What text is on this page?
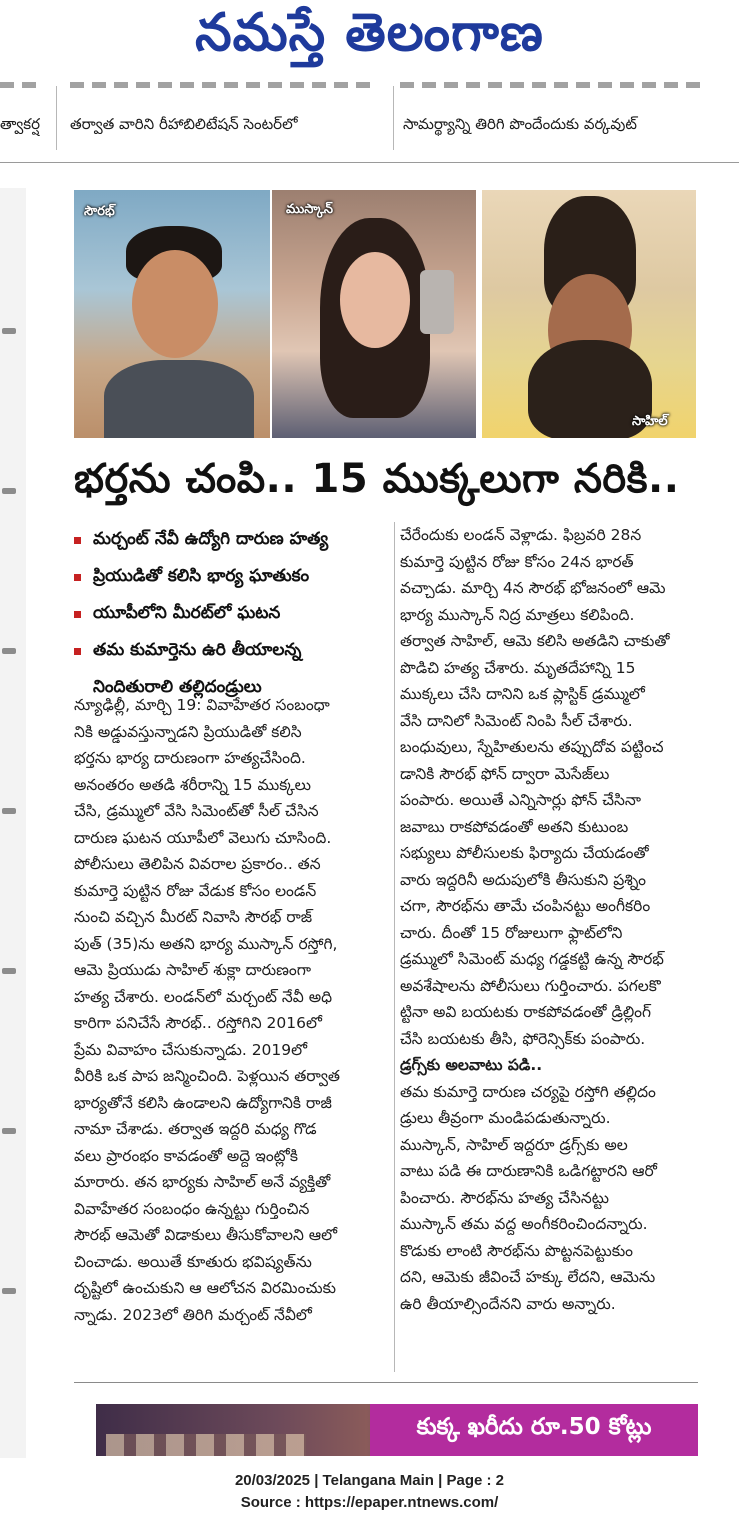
నమస్తే తెలంగాణ
త్వాకర్ష	తర్వాత వారిని రీహాబిలిటేషన్ సెంటర్‌లో	సామర్థ్యాన్ని తిరిగి పొందేందుకు వర్కవుట్
సౌరభ్	ముస్కాన్
సాహిల్
భర్తను చంపి.. 15 ముక్కలుగా నరికి..
మర్చంట్ నేవీ ఉద్యోగి దారుణ హత్య
ప్రియుడితో కలిసి భార్య ఘాతుకం
యూపీలోని మీరట్‌లో ఘటన
తమ కుమార్తెను ఉరి తీయాలన్న
నిందితురాలి తల్లిదండ్రులు

న్యూఢిల్లీ, మార్చి 19: వివాహేతర సంబంధా

నికి అడ్డువస్తున్నాడని ప్రియుడితో కలిసి

భర్తను భార్య దారుణంగా హత్యచేసింది.

అనంతరం అతడి శరీరాన్ని 15 ముక్కలు

చేసి, డ్రమ్ములో వేసి సిమెంట్‌తో సీల్ చేసిన

దారుణ ఘటన యూపీలో వెలుగు చూసింది.

పోలీసులు తెలిపిన వివరాల ప్రకారం.. తన

కుమార్తె పుట్టిన రోజు వేడుక కోసం లండన్

నుంచి వచ్చిన మీరట్ నివాసి సౌరభ్ రాజ్

పుత్ (35)ను అతని భార్య ముస్కాన్ రస్తోగి,

ఆమె ప్రియుడు సాహిల్ శుక్లా దారుణంగా

హత్య చేశారు. లండన్‌లో మర్చంట్ నేవీ అధి

కారిగా పనిచేసే సౌరభ్.. రస్తోగిని 2016లో

ప్రేమ వివాహం చేసుకున్నాడు. 2019లో

వీరికి ఒక పాప జన్మించింది. పెళ్లయిన తర్వాత

భార్యతోనే కలిసి ఉండాలని ఉద్యోగానికి రాజీ

నామా చేశాడు. తర్వాత ఇద్దరి మధ్య గొడ

వలు ప్రారంభం కావడంతో అద్దె ఇంట్లోకి

మారారు. తన భార్యకు సాహిల్ అనే వ్యక్తితో

వివాహేతర సంబంధం ఉన్నట్టు గుర్తించిన

సౌరభ్ ఆమెతో విడాకులు తీసుకోవాలని ఆలో

చించాడు. అయితే కూతురు భవిష్యత్‌ను

దృష్టిలో ఉంచుకుని ఆ ఆలోచన విరమించుకు

న్నాడు. 2023లో తిరిగి మర్చంట్ నేవీలో

చేరేందుకు లండన్ వెళ్లాడు. ఫిబ్రవరి 28న

కుమార్తె పుట్టిన రోజు కోసం 24న భారత్

వచ్చాడు. మార్చి 4న సౌరభ్ భోజనంలో ఆమె

భార్య ముస్కాన్ నిద్ర మాత్రలు కలిపింది.

తర్వాత సాహిల్, ఆమె కలిసి అతడిని చాకుతో

పొడిచి హత్య చేశారు. మృతదేహాన్ని 15

ముక్కలు చేసి దానిని ఒక ప్లాస్టిక్ డ్రమ్ములో

వేసి దానిలో సిమెంట్ నింపి సీల్ చేశారు.

బంధువులు, స్నేహితులను తప్పుదోవ పట్టించ

డానికి సౌరభ్ ఫోన్ ద్వారా మెసేజ్‌లు

పంపారు. అయితే ఎన్నిసార్లు ఫోన్ చేసినా

జవాబు రాకపోవడంతో అతని కుటుంబ

సభ్యులు పోలీసులకు ఫిర్యాదు చేయడంతో

వారు ఇద్దరినీ అదుపులోకి తీసుకుని ప్రశ్నిం

చగా, సౌరభ్‌ను తామే చంపినట్టు అంగీకరిం

చారు. దీంతో 15 రోజులుగా ఫ్లాట్‌లోని

డ్రమ్ములో సిమెంట్ మధ్య గడ్డకట్టి ఉన్న సౌరభ్

అవశేషాలను పోలీసులు గుర్తించారు. పగలకొ

ట్టినా అవి బయటకు రాకపోవడంతో డ్రిల్లింగ్

చేసి బయటకు తీసి, ఫోరెన్సిక్‌కు పంపారు.

డ్రగ్స్‌కు అలవాటు పడి..

తమ కుమార్తె దారుణ చర్యపై రస్తోగి తల్లిదం

డ్రులు తీవ్రంగా మండిపడుతున్నారు.

ముస్కాన్, సాహిల్ ఇద్దరూ డ్రగ్స్‌కు అల

వాటు పడి ఈ దారుణానికి ఒడిగట్టారని ఆరో

పించారు. సౌరభ్‌ను హత్య చేసినట్టు

ముస్కాన్ తమ వద్ద అంగీకరించిందన్నారు.

కొడుకు లాంటి సౌరభ్‌ను పొట్టనపెట్టుకుం

దని, ఆమెకు జీవించే హక్కు లేదని, ఆమెను

ఉరి తీయాల్సిందేనని వారు అన్నారు.

కుక్క ఖరీదు రూ.50 కోట్లు
20/03/2025 | Telangana Main | Page : 2
Source : https://epaper.ntnews.com/
